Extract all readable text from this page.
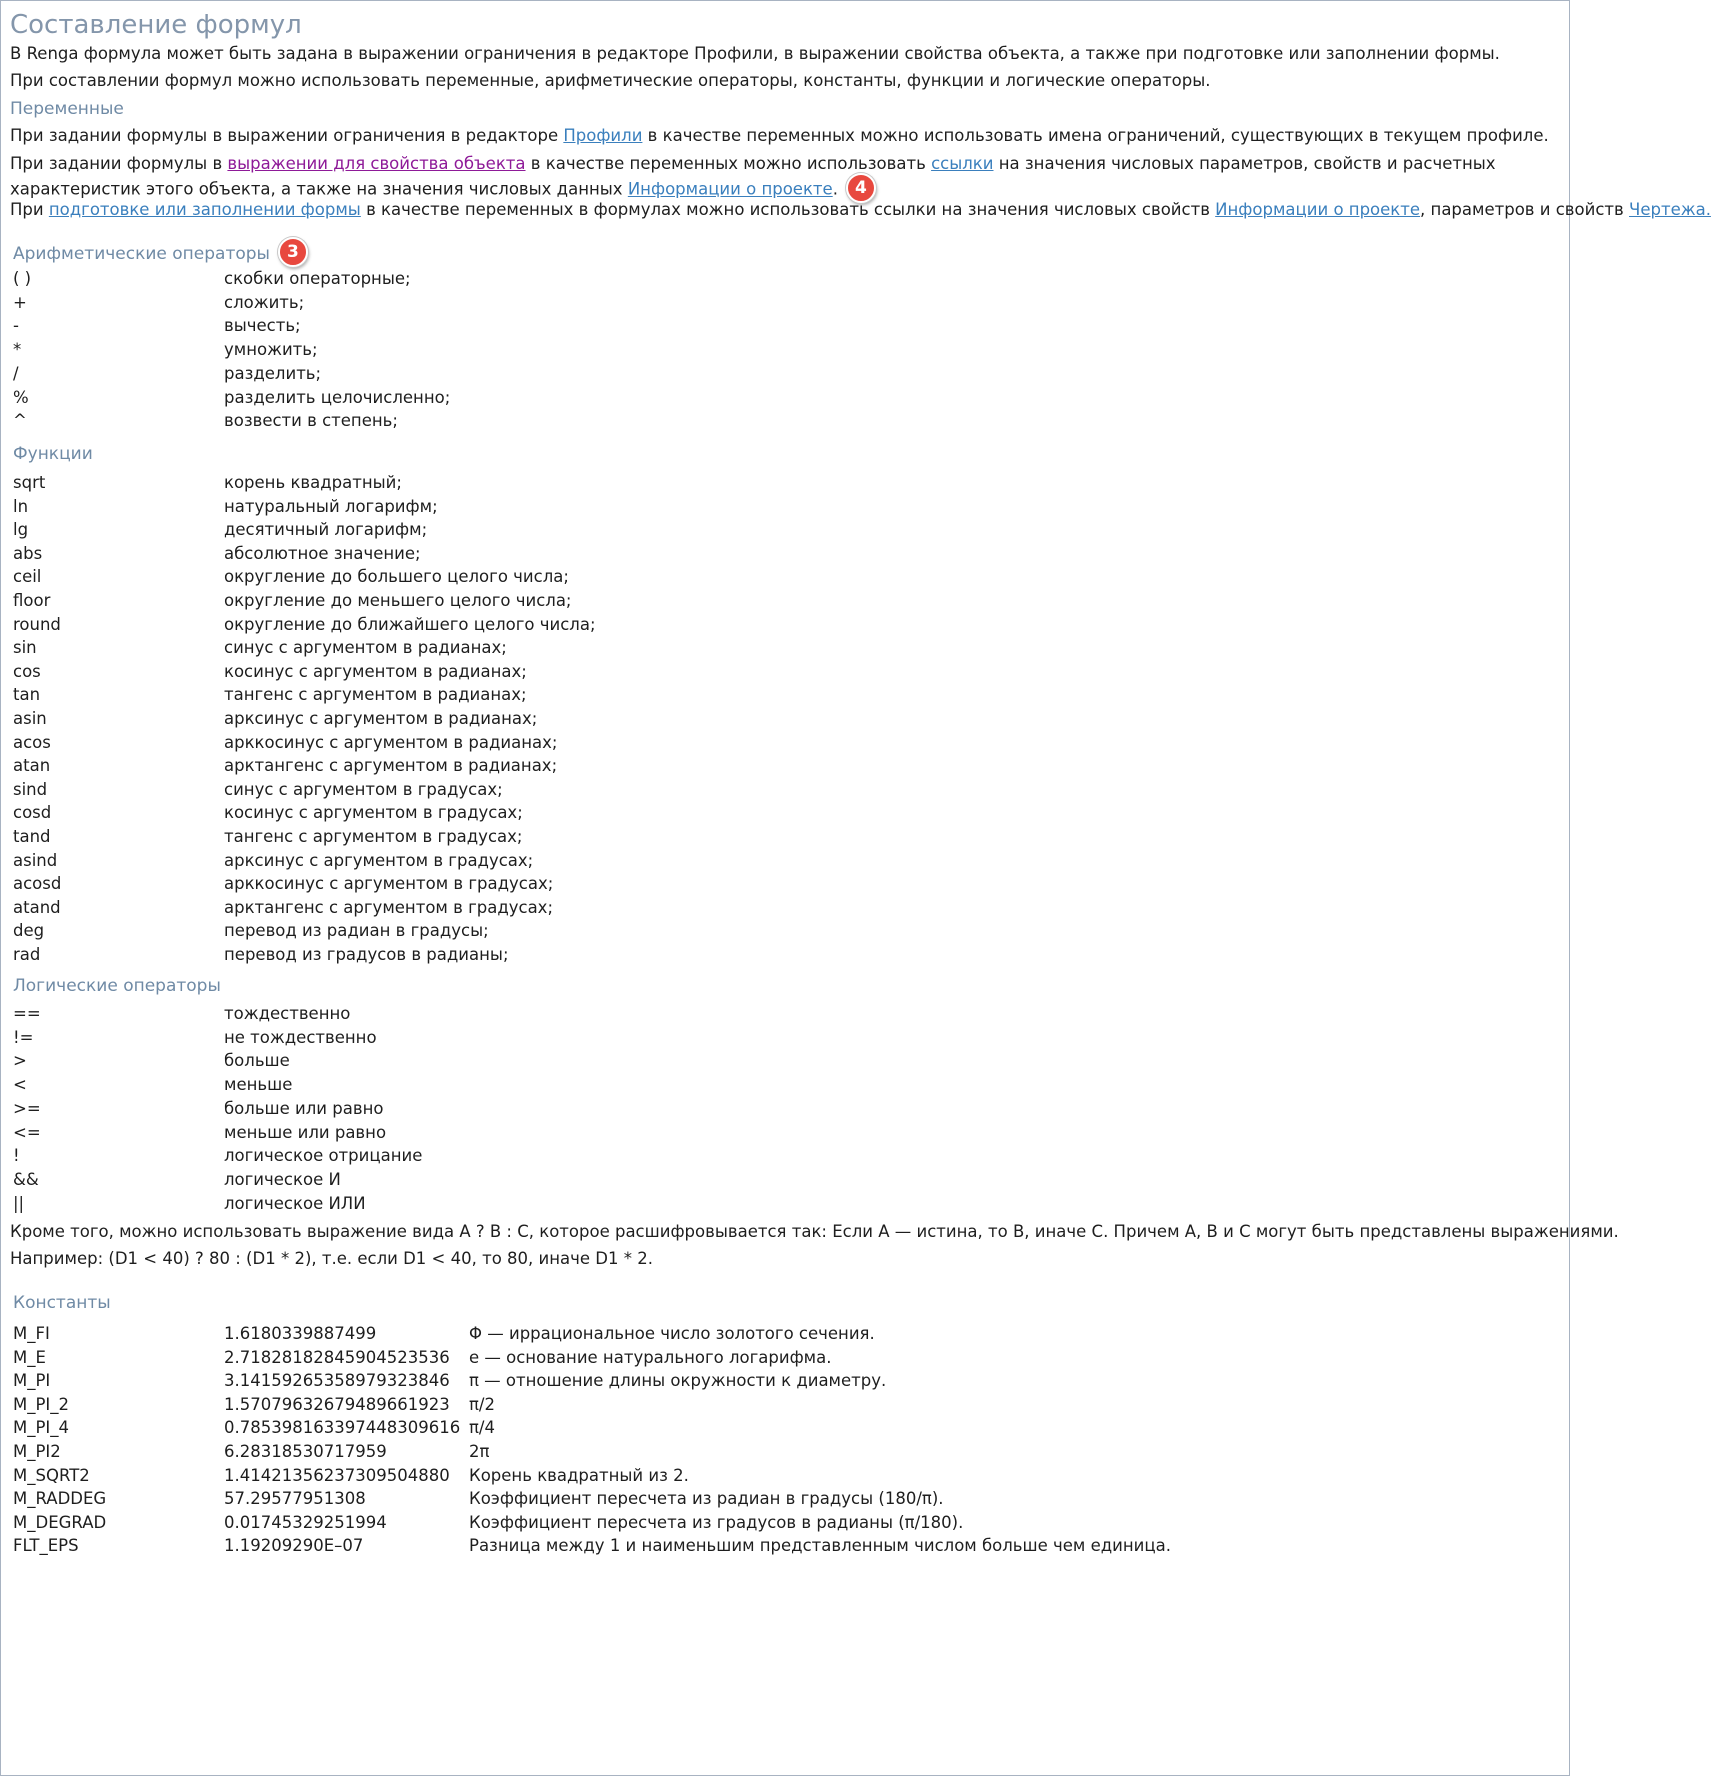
Составление формул
В Renga формула может быть задана в выражении ограничения в редакторе Профили, в выражении свойства объекта, а также при подготовке или заполнении формы.
При составлении формул можно использовать переменные, арифметические операторы, константы, функции и логические операторы.
Переменные
При задании формулы в выражении ограничения в редакторе Профили в качестве переменных можно использовать имена ограничений, существующих в текущем профиле.
При задании формулы в выражении для свойства объекта в качестве переменных можно использовать ссылки на значения числовых параметров, свойств и расчетных характеристик этого объекта, а также на значения числовых данных Информации о проекте. 4
При подготовке или заполнении формы в качестве переменных в формулах можно использовать ссылки на значения числовых свойств Информации о проекте, параметров и свойств Чертежа.
Арифметические операторы 3
( )	скобки операторные;
+	сложить;
-	вычесть;
*	умножить;
/	разделить;
%	разделить целочисленно;
^	возвести в степень;
Функции
sqrt	корень квадратный;
ln	натуральный логарифм;
lg	десятичный логарифм;
abs	абсолютное значение;
ceil	округление до большего целого числа;
floor	округление до меньшего целого числа;
round	округление до ближайшего целого числа;
sin	синус с аргументом в радианах;
cos	косинус с аргументом в радианах;
tan	тангенс с аргументом в радианах;
asin	арксинус с аргументом в радианах;
acos	арккосинус с аргументом в радианах;
atan	арктангенс с аргументом в радианах;
sind	синус с аргументом в градусах;
cosd	косинус с аргументом в градусах;
tand	тангенс с аргументом в градусах;
asind	арксинус с аргументом в градусах;
acosd	арккосинус с аргументом в градусах;
atand	арктангенс с аргументом в градусах;
deg	перевод из радиан в градусы;
rad	перевод из градусов в радианы;
Логические операторы
==	тождественно
!=	не тождественно
>	больше
<	меньше
>=	больше или равно
<=	меньше или равно
!	логическое отрицание
&&	логическое И
||	логическое ИЛИ
Кроме того, можно использовать выражение вида A ? B : C, которое расшифровывается так: Если A — истина, то B, иначе C. Причем A, B и C могут быть представлены выражениями.
Например: (D1 < 40) ? 80 : (D1 * 2), т.е. если D1 < 40, то 80, иначе D1 * 2.
Константы
M_FI	1.6180339887499	Φ — иррациональное число золотого сечения.
M_E	2.71828182845904523536 e — основание натурального логарифма.
M_PI	3.14159265358979323846 π — отношение длины окружности к диаметру.
M_PI_2	1.57079632679489661923 π/2
M_PI_4	0.785398163397448309616 π/4
M_PI2	6.28318530717959	2π
M_SQRT2	1.41421356237309504880 Корень квадратный из 2.
M_RADDEG	57.29577951308	Коэффициент пересчета из радиан в градусы (180/π).
M_DEGRAD	0.01745329251994	Коэффициент пересчета из градусов в радианы (π/180).
FLT_EPS	1.19209290E–07	Разница между 1 и наименьшим представленным числом больше чем единица.
